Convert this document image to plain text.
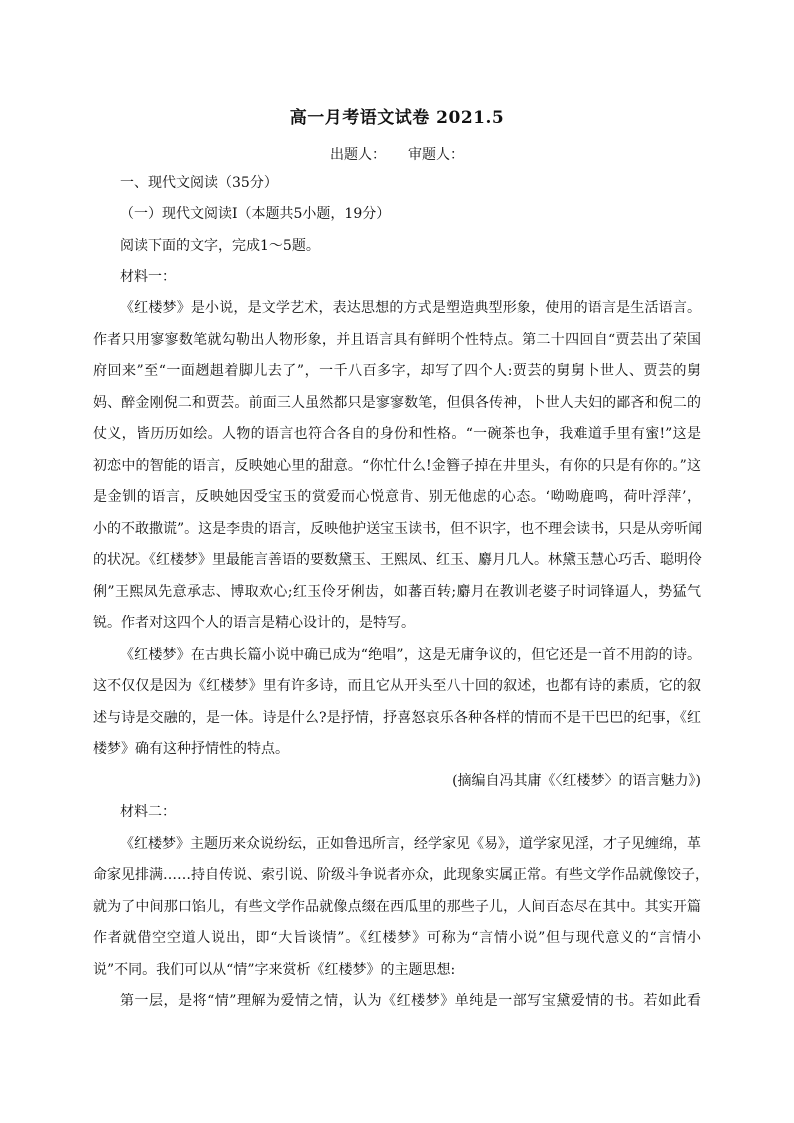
高一月考语文试卷 2021.5
出题人： 审题人：
一、现代文阅读（35分）
（一）现代文阅读Ⅰ（本题共5小题，19分）
阅读下面的文字，完成1～5题。
材料一：
《红楼梦》是小说，是文学艺术，表达思想的方式是塑造典型形象，使用的语言是生活语言。
作者只用寥寥数笔就勾勒出人物形象，并且语言具有鲜明个性特点。第二十四回自“贾芸出了荣国
府回来”至“一面趔趄着脚儿去了”，一千八百多字，却写了四个人:贾芸的舅舅卜世人、贾芸的舅
妈、醉金刚倪二和贾芸。前面三人虽然都只是寥寥数笔，但俱各传神，卜世人夫妇的鄙吝和倪二的
仗义，皆历历如绘。人物的语言也符合各自的身份和性格。“一碗茶也争，我难道手里有蜜!”这是
初恋中的智能的语言，反映她心里的甜意。“你忙什么!金簪子掉在井里头，有你的只是有你的。”这
是金钏的语言，反映她因受宝玉的赏爱而心悦意肯、别无他虑的心态。‘呦呦鹿鸣，荷叶浮萍’，
小的不敢撒谎”。这是李贵的语言，反映他护送宝玉读书，但不识字，也不理会读书，只是从旁听闻
的状况。《红楼梦》里最能言善语的要数黛玉、王熙凤、红玉、麝月几人。林黛玉慧心巧舌、聪明伶
俐”王熙凤先意承志、博取欢心;红玉伶牙俐齿，如蕃百转;麝月在教训老婆子时词锋逼人，势猛气
锐。作者对这四个人的语言是精心设计的，是特写。
《红楼梦》在古典长篇小说中确已成为“绝唱”，这是无庸争议的，但它还是一首不用韵的诗。
这不仅仅是因为《红楼梦》里有许多诗，而且它从开头至八十回的叙述，也都有诗的素质，它的叙
述与诗是交融的，是一体。诗是什么?是抒情，抒喜怒哀乐各种各样的情而不是干巴巴的纪事，《红
楼梦》确有这种抒情性的特点。
(摘编自冯其庸《〈红楼梦〉的语言魅力》)
材料二：
《红楼梦》主题历来众说纷纭，正如鲁迅所言，经学家见《易》，道学家见淫，才子见缠绵，革
命家见排满……持自传说、索引说、阶级斗争说者亦众，此现象实属正常。有些文学作品就像饺子，
就为了中间那口馅儿，有些文学作品就像点缀在西瓜里的那些子儿，人间百态尽在其中。其实开篇
作者就借空空道人说出，即“大旨谈情”。《红楼梦》可称为“言情小说”但与现代意义的“言情小
说”不同。我们可以从“情”字来赏析《红楼梦》的主题思想:
第一层，是将“情”理解为爱情之情，认为《红楼梦》单纯是一部写宝黛爱情的书。若如此看
